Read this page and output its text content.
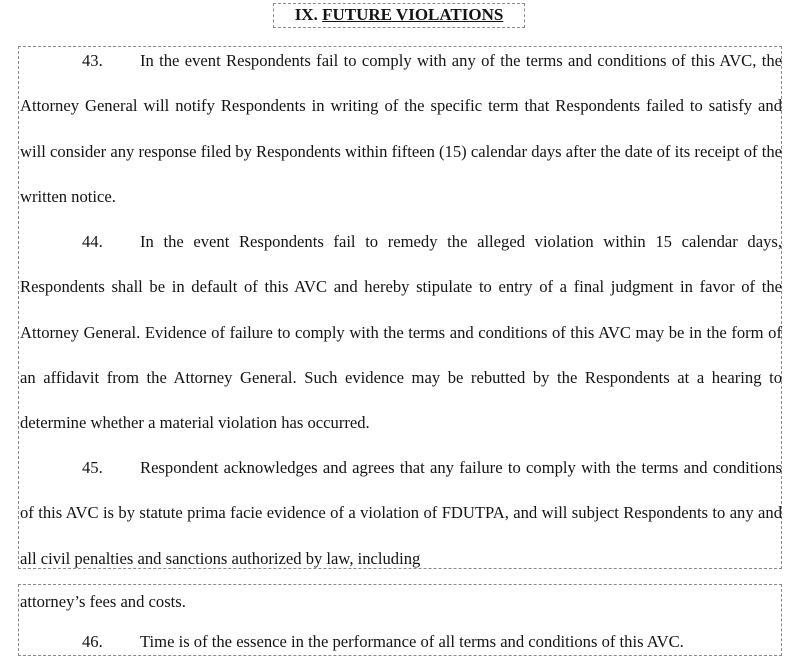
IX. FUTURE VIOLATIONS

43. In the event Respondents fail to comply with any of the terms and conditions of this AVC, the Attorney General will notify Respondents in writing of the specific term that Respondents failed to satisfy and will consider any response filed by Respondents within fifteen (15) calendar days after the date of its receipt of the written notice.

44. In the event Respondents fail to remedy the alleged violation within 15 calendar days, Respondents shall be in default of this AVC and hereby stipulate to entry of a final judgment in favor of the Attorney General. Evidence of failure to comply with the terms and conditions of this AVC may be in the form of an affidavit from the Attorney General. Such evidence may be rebutted by the Respondents at a hearing to determine whether a material violation has occurred.

45. Respondent acknowledges and agrees that any failure to comply with the terms and conditions of this AVC is by statute prima facie evidence of a violation of FDUTPA, and will subject Respondents to any and all civil penalties and sanctions authorized by law, including

attorney’s fees and costs.

46. Time is of the essence in the performance of all terms and conditions of this AVC.
